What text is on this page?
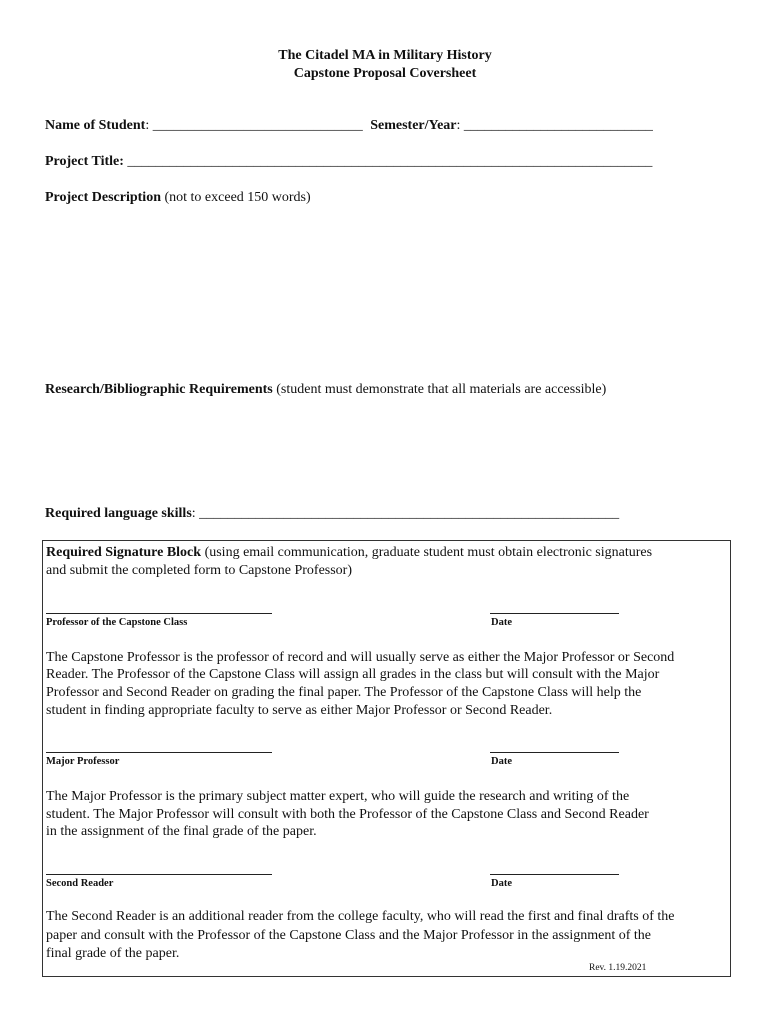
The Citadel MA in Military History
Capstone Proposal Coversheet
Name of Student: ______________________________ Semester/Year: ___________________________
Project Title: ___________________________________________________________________________
Project Description (not to exceed 150 words)
Research/Bibliographic Requirements (student must demonstrate that all materials are accessible)
Required language skills: ____________________________________________________________
Required Signature Block (using email communication, graduate student must obtain electronic signatures
and submit the completed form to Capstone Professor)
Professor of the Capstone Class	Date
The Capstone Professor is the professor of record and will usually serve as either the Major Professor or Second
Reader. The Professor of the Capstone Class will assign all grades in the class but will consult with the Major
Professor and Second Reader on grading the final paper. The Professor of the Capstone Class will help the
student in finding appropriate faculty to serve as either Major Professor or Second Reader.
Major Professor	Date
The Major Professor is the primary subject matter expert, who will guide the research and writing of the
student. The Major Professor will consult with both the Professor of the Capstone Class and Second Reader
in the assignment of the final grade of the paper.
Second Reader	Date
The Second Reader is an additional reader from the college faculty, who will read the first and final drafts of the
paper and consult with the Professor of the Capstone Class and the Major Professor in the assignment of the
final grade of the paper.
Rev. 1.19.2021
